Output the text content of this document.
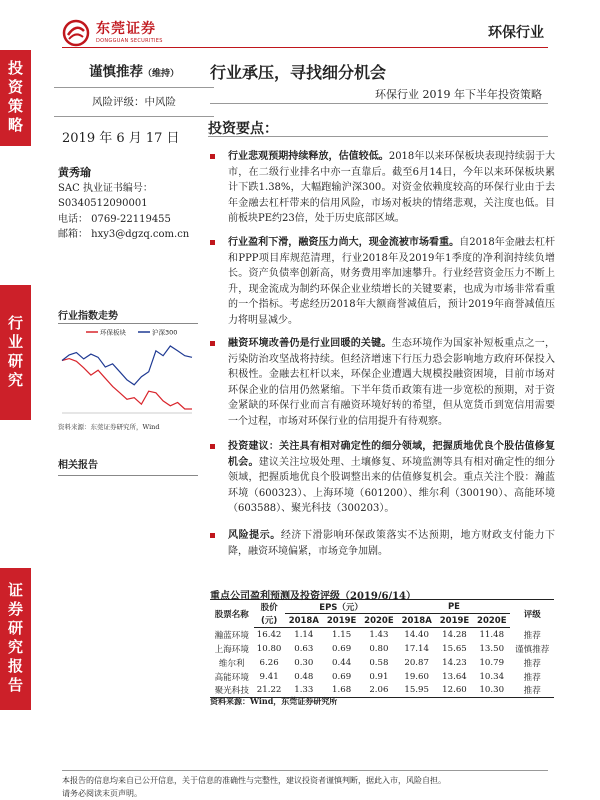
东莞证券
DONGGUAN SECURITIES	环保行业
投资策略
行业研究
证券研究报告
谨慎推荐（维持）
风险评级：中风险
2019 年 6 月 17 日
行业承压，寻找细分机会
环保行业 2019 年下半年投资策略
黄秀瑜
SAC 执业证书编号：
S0340512090001
电话： 0769-22119455
邮箱： hxy3@dgzq.com.cn
行业指数走势
环保板块	沪深300
资料来源：东莞证券研究所，Wind
相关报告
投资要点：
行业悲观预期持续释放，估值较低。2018年以来环保板块表现持续弱于大市，在二级行业排名中亦一直靠后。截至6月14日，今年以来环保板块累计下跌1.38%，大幅跑输沪深300。对资金依赖度较高的环保行业由于去年金融去杠杆带来的信用风险，市场对板块的情绪悲观，关注度也低。目前板块PE约23倍，处于历史底部区域。
行业盈利下滑，融资压力尚大，现金流被市场看重。自2018年金融去杠杆和PPP项目库规范清理，行业2018年及2019年1季度的净利润持续负增长。资产负债率创新高，财务费用率加速攀升。行业经营资金压力不断上升，现金流成为制约环保企业业绩增长的关键要素，也成为市场非常看重的一个指标。考虑经历2018年大额商誉减值后，预计2019年商誉减值压力将明显减少。
融资环境改善仍是行业回暖的关键。生态环境作为国家补短板重点之一，污染防治攻坚战将持续。但经济增速下行压力恐会影响地方政府环保投入积极性。金融去杠杆以来，环保企业遭遇大规模投融资困境，目前市场对环保企业的信用仍然紧缩。下半年货币政策有进一步宽松的预期，对于资金紧缺的环保行业而言有融资环境好转的希望，但从宽货币到宽信用需要一个过程，市场对环保行业的信用提升有待观察。
投资建议：关注具有相对确定性的细分领域，把握质地优良个股估值修复机会。建议关注垃圾处理、土壤修复、环境监测等具有相对确定性的细分领域，把握质地优良个股调整出来的估值修复机会。重点关注个股：瀚蓝环境（600323）、上海环境（601200）、维尔利（300190）、高能环境（603588）、聚光科技（300203）。
风险提示。经济下滑影响环保政策落实不达预期，地方财政支付能力下降，融资环境偏紧，市场竞争加剧。
重点公司盈利预测及投资评级（2019/6/14）
股票名称	股价	EPS（元）			PE			评级
	(元)	2018A	2019E	2020E	2018A	2019E	2020E	
瀚蓝环境	16.42	1.14	1.15	1.43	14.40	14.28	11.48	推荐
上海环境	10.80	0.63	0.69	0.80	17.14	15.65	13.50	谨慎推荐
维尔利	6.26	0.30	0.44	0.58	20.87	14.23	10.79	推荐
高能环境	9.41	0.48	0.69	0.91	19.60	13.64	10.34	推荐
聚光科技	21.22	1.33	1.68	2.06	15.95	12.60	10.30	推荐
资料来源：Wind，东莞证券研究所
本报告的信息均来自已公开信息，关于信息的准确性与完整性，建议投资者谨慎判断，据此入市，风险自担。
请务必阅读末页声明。
